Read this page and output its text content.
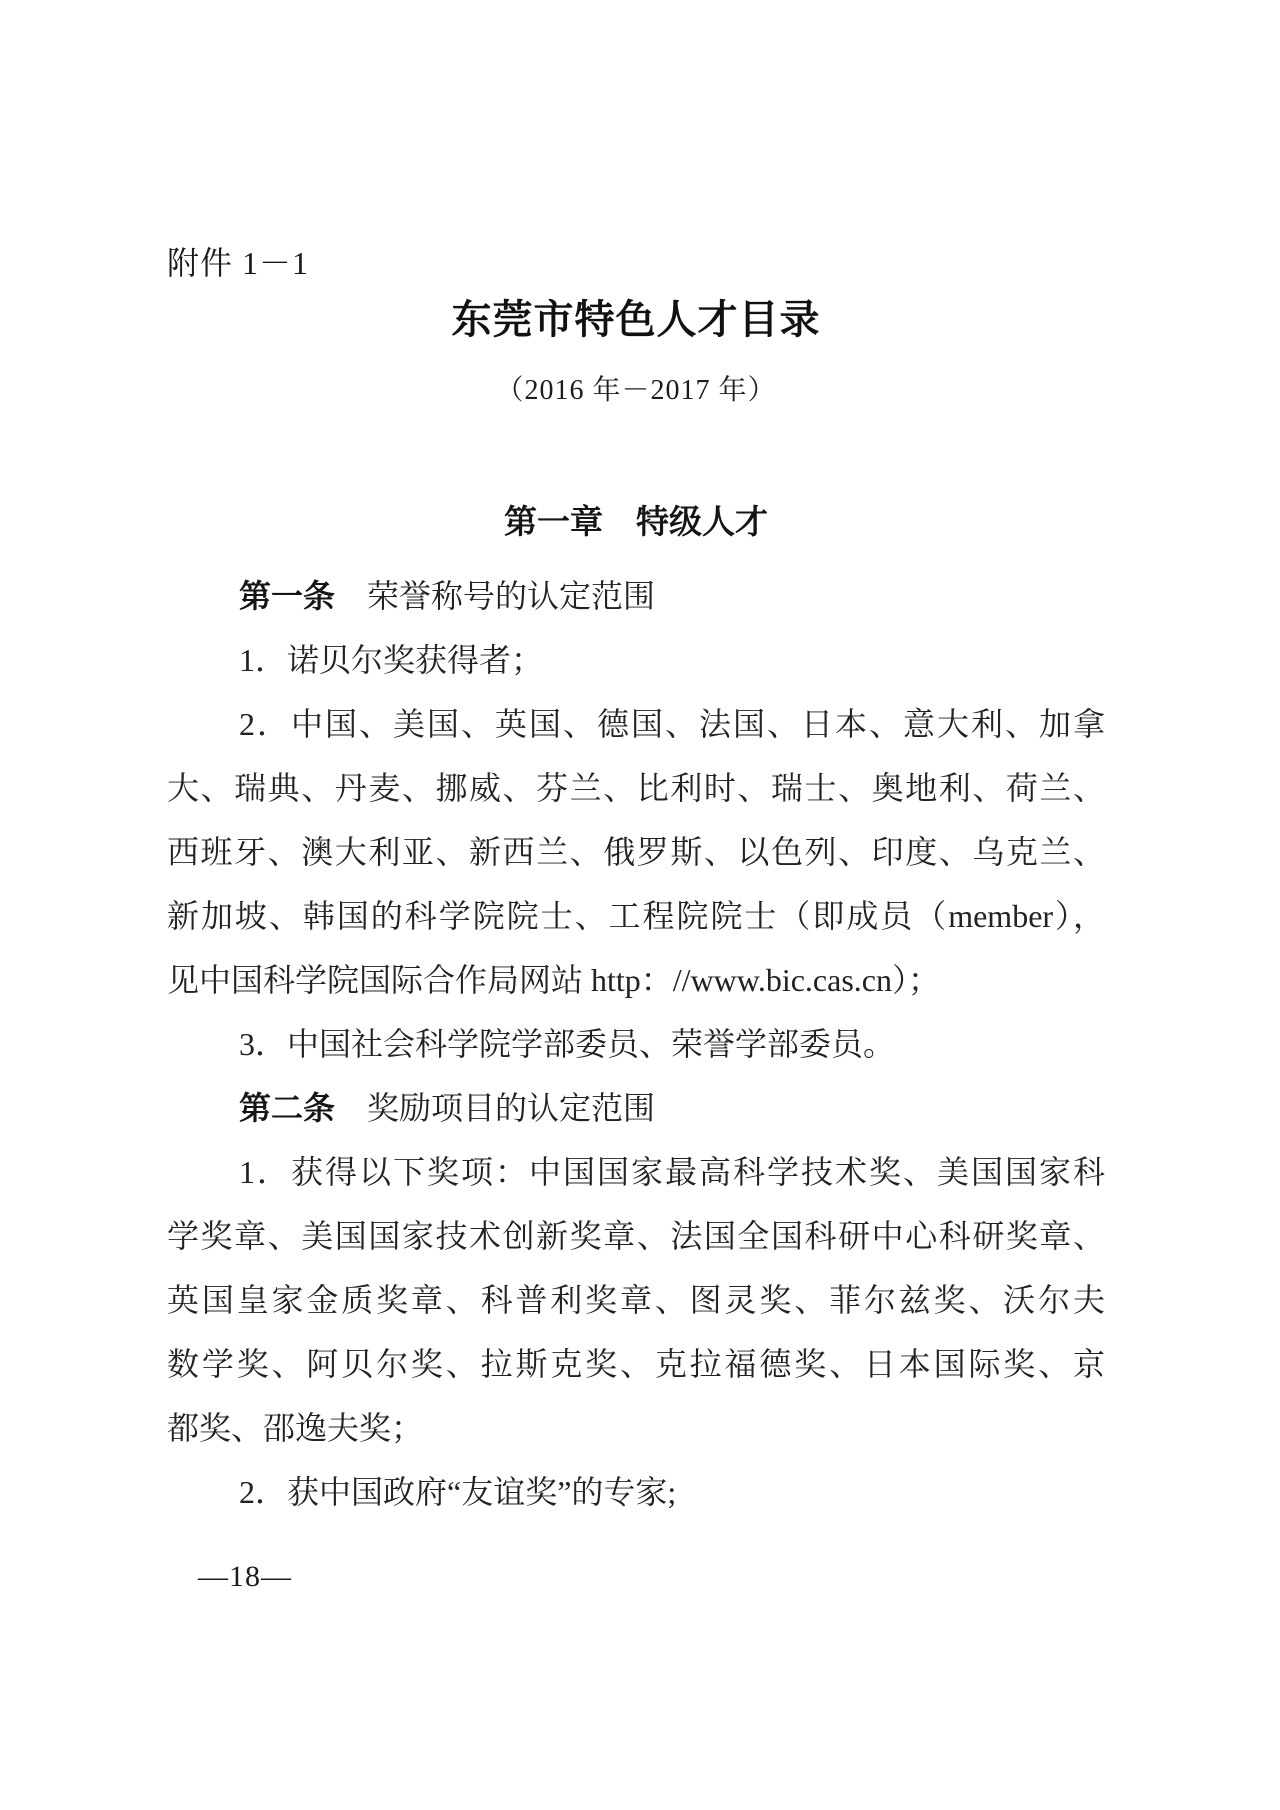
附件 1－1
东莞市特色人才目录
（2016 年－2017 年）
第一章　特级人才
第一条　荣誉称号的认定范围
1．诺贝尔奖获得者；
2．中国、美国、英国、德国、法国、日本、意大利、加拿
大、瑞典、丹麦、挪威、芬兰、比利时、瑞士、奥地利、荷兰、
西班牙、澳大利亚、新西兰、俄罗斯、以色列、印度、乌克兰、
新加坡、韩国的科学院院士、工程院院士（即成员（member），
见中国科学院国际合作局网站 http：//www.bic.cas.cn）；
3．中国社会科学院学部委员、荣誉学部委员。
第二条　奖励项目的认定范围
1．获得以下奖项：中国国家最高科学技术奖、美国国家科
学奖章、美国国家技术创新奖章、法国全国科研中心科研奖章、
英国皇家金质奖章、科普利奖章、图灵奖、菲尔兹奖、沃尔夫
数学奖、阿贝尔奖、拉斯克奖、克拉福德奖、日本国际奖、京
都奖、邵逸夫奖；
2．获中国政府“友谊奖”的专家;
—18—
